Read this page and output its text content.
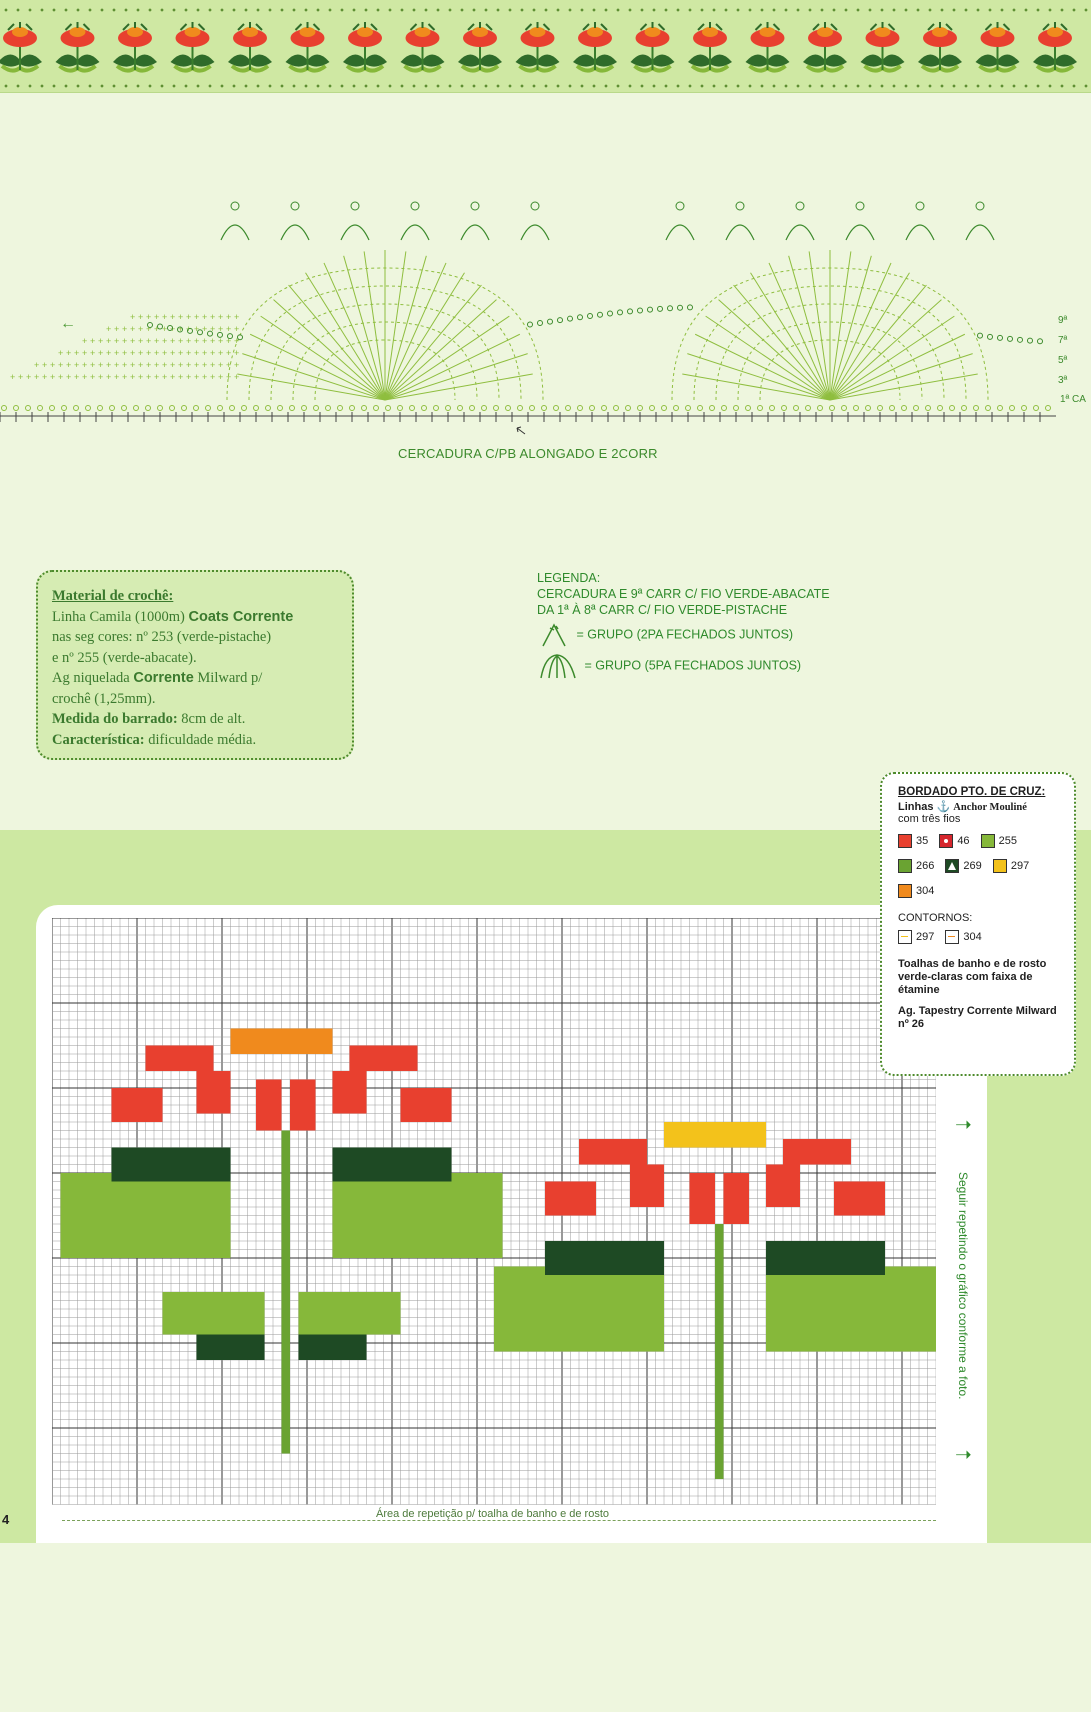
+ + + + + + + + + + + + + + + + + + + + + + + + + + + + +
+ + + + + + + + + + + + + + + + + + + + + + + + + +
+ + + + + + + + + + + + + + + + + + + + + + +
+ + + + + + + + + + + + + + + + + + + +
+ + + + + + + + + + + + + + + + +
+ + + + + + + + + + + + + +
←	9ª
7ª
5ª
3ª
1ª CA
CERCADURA C/PB ALONGADO E 2CORR
Material de crochê:
Linha Camila (1000m) Coats Corrente
nas seg cores: nº 253 (verde-pistache)
e nº 255 (verde-abacate).
Ag niquelada Corrente Milward p/
crochê (1,25mm).
Medida do barrado: 8cm de alt.
Característica: dificuldade média.
LEGENDA:
CERCADURA E 9ª CARR C/ FIO VERDE-ABACATE
DA 1ª À 8ª CARR C/ FIO VERDE-PISTACHE
= GRUPO (2PA FECHADOS JUNTOS)
= GRUPO (5PA FECHADOS JUNTOS)
Seguir repetindo o gráfico conforme a foto.
➝
➝
Área de repetição p/ toalha de banho e de rosto
4
BORDADO PTO. DE CRUZ:
Linhas ⚓ Anchor Mouliné
com três fios
35	46	255
266	269	297
304
CONTORNOS:
297	304
Toalhas de banho e de rosto verde-claras com faixa de étamine
Ag. Tapestry Corrente Milward nº 26
